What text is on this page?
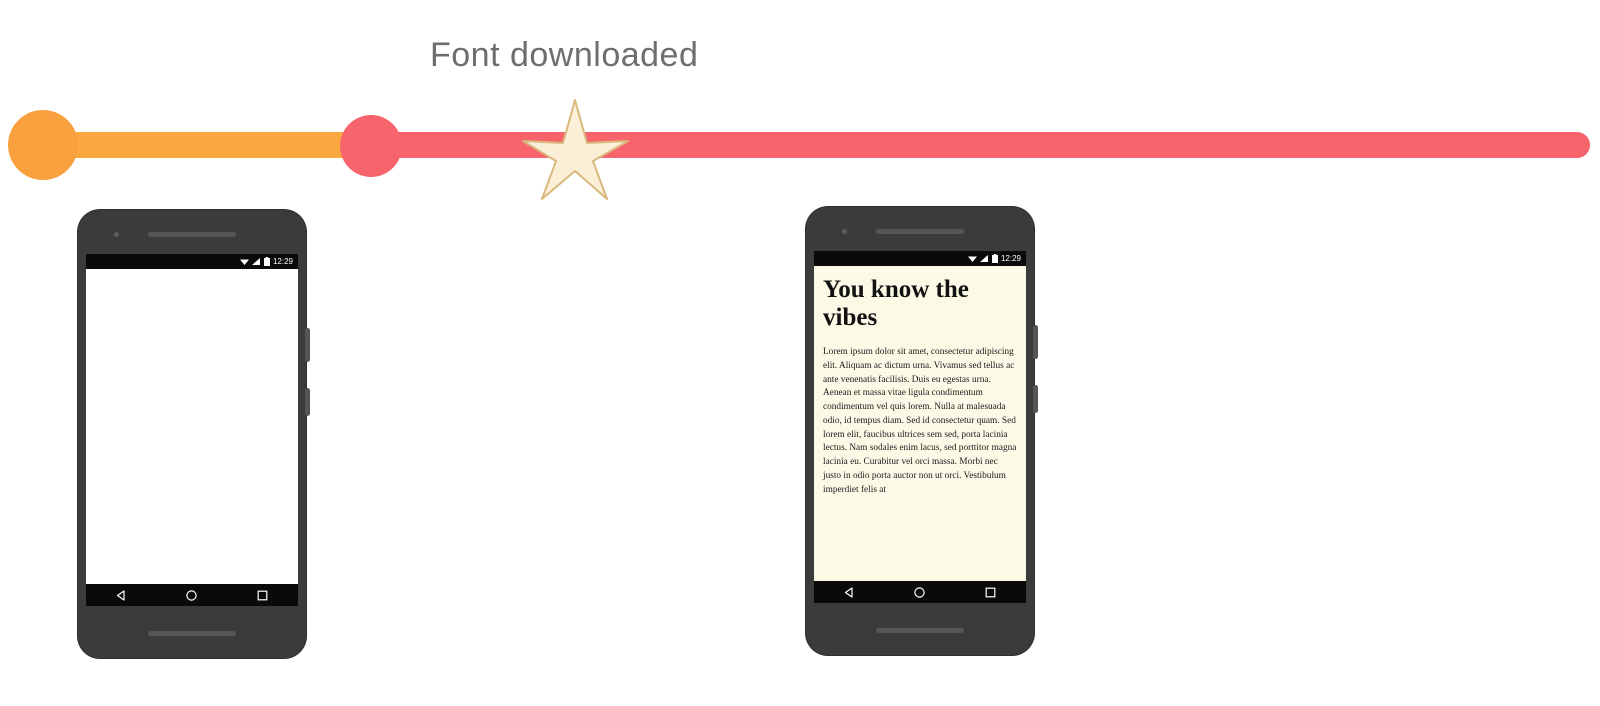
Font downloaded
12:29	12:29
You know the vibes
Lorem ipsum dolor sit amet, consectetur adipiscing elit. Aliquam ac dictum urna. Vivamus sed tellus ac ante venenatis facilisis. Duis eu egestas urna. Aenean et massa vitae ligula condimentum condimentum vel quis lorem. Nulla at malesuada odio, id tempus diam. Sed id consectetur quam. Sed lorem elit, faucibus ultrices sem sed, porta lacinia lectus. Nam sodales enim lacus, sed porttitor magna lacinia eu. Curabitur vel orci massa. Morbi nec justo in odio porta auctor non ut orci. Vestibulum imperdiet felis at
